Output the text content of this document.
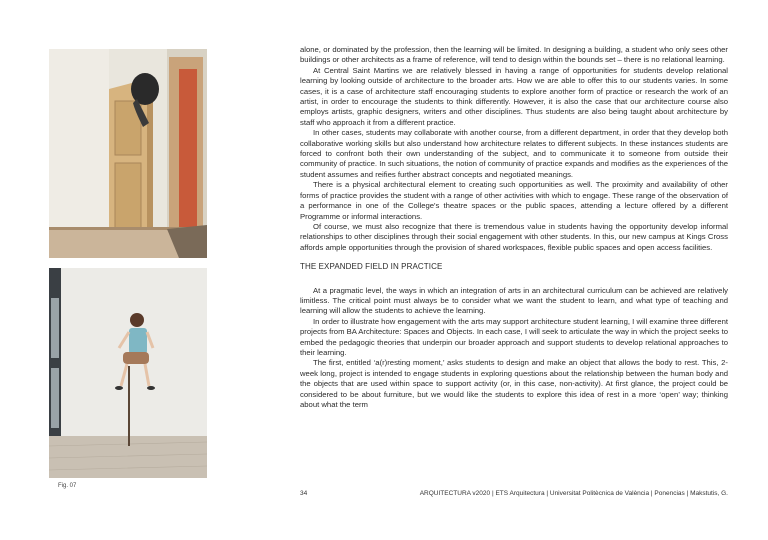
Fig. 07

alone, or dominated by the profession, then the learning will be limited. In designing a building, a student who only sees other buildings or other architects as a frame of reference, will tend to design within the bounds set – there is no relational learning.

At Central Saint Martins we are relatively blessed in having a range of opportunities for students develop relational learning by looking outside of architecture to the broader arts. How we are able to offer this to our students varies. In some cases, it is a case of architecture staff encouraging students to explore another form of practice or research the work of an artist, in order to encourage the students to think differently. However, it is also the case that our architecture course also employs artists, graphic designers, writers and other disciplines. Thus students are also being taught about architecture by staff who approach it from a different practice.

In other cases, students may collaborate with another course, from a different department, in order that they develop both collaborative working skills but also understand how architecture relates to different subjects. In these instances students are forced to confront both their own understanding of the subject, and to communicate it to someone from outside their community of practice. In such situations, the notion of community of practice expands and modifies as the experiences of the student assumes and reifies further abstract concepts and negotiated meanings.

There is a physical architectural element to creating such opportunities as well. The proximity and availability of other forms of practice provides the student with a range of other activities with which to engage. These range of the observation of a performance in one of the College's theatre spaces or the public spaces, attending a lecture offered by a different Programme or informal interactions.

Of course, we must also recognize that there is tremendous value in students having the opportunity develop informal relationships to other disciplines through their social engagement with other students. In this, our new campus at Kings Cross affords ample opportunities through the provision of shared workspaces, flexible public spaces and open access facilities.

THE EXPANDED FIELD IN PRACTICE

At a pragmatic level, the ways in which an integration of arts in an architectural curriculum can be achieved are relatively limitless. The critical point must always be to consider what we want the student to learn, and what type of teaching and learning will allow the students to achieve the learning.

In order to illustrate how engagement with the arts may support architecture student learning, I will examine three different projects from BA Architecture: Spaces and Objects. In each case, I will seek to articulate the way in which the project seeks to embed the pedagogic theories that underpin our broader approach and support students to develop relational approaches to their learning.

The first, entitled ‘a(r)resting moment,’ asks students to design and make an object that allows the body to rest. This, 2-week long, project is intended to engage students in exploring questions about the relationship between the human body and the objects that are used within space to support activity (or, in this case, non-activity). At first glance, the project could be considered to be about furniture, but we would like the students to explore this idea of rest in a more ‘open’ way; thinking about what the term

34	ARQUITECTURA v2020 | ETS Arquitectura | Universitat Politècnica de València | Ponencias | Makstutis, G.
